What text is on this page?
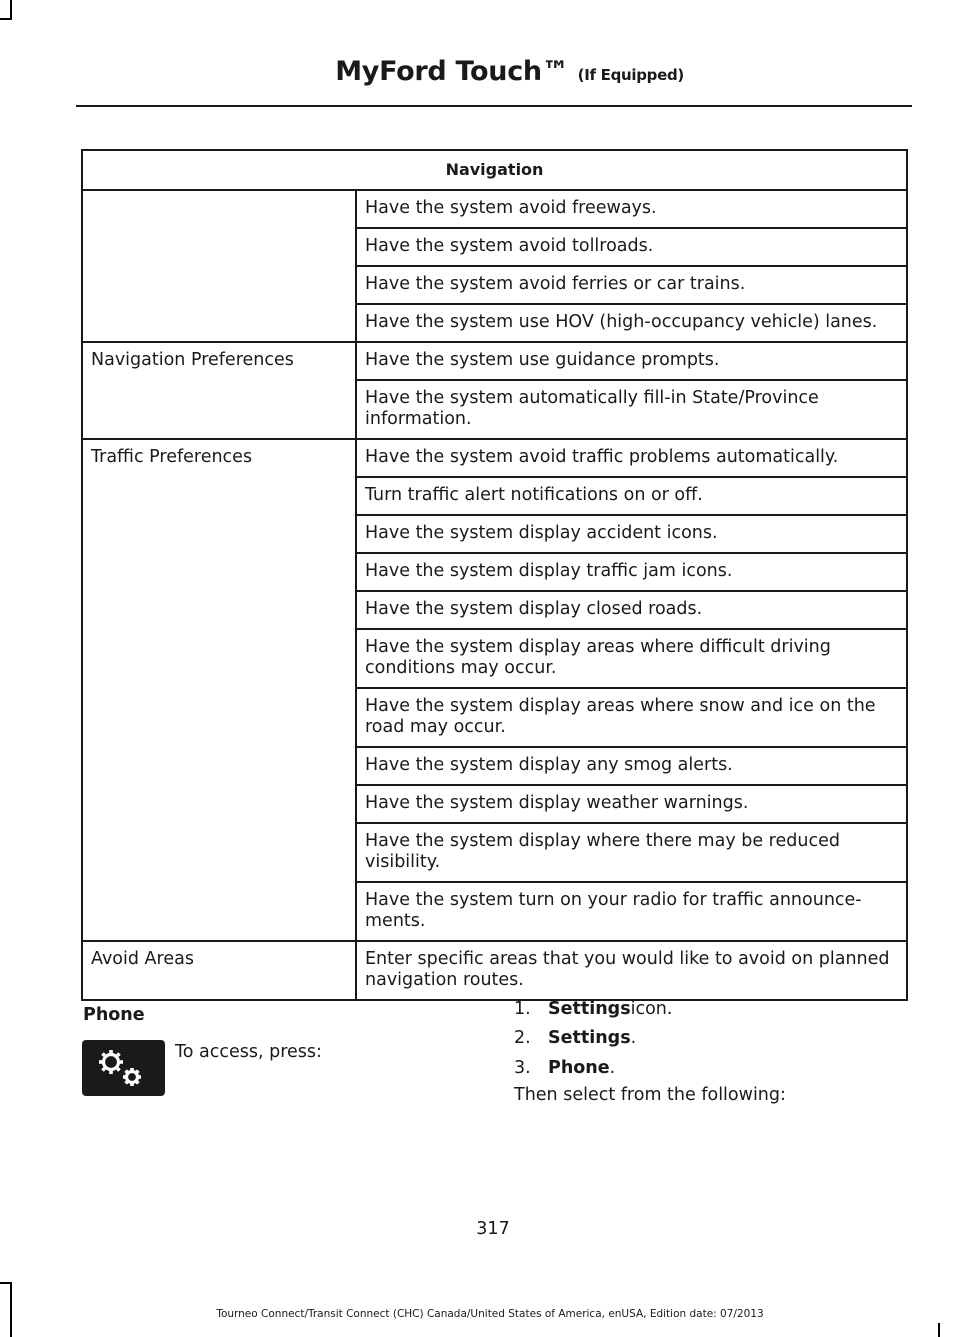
MyFord Touch™ (If Equipped)
Navigation	
	Have the system avoid freeways.
	Have the system avoid tollroads.
	Have the system avoid ferries or car trains.
	Have the system use HOV (high-occupancy vehicle) lanes.
Navigation Preferences	Have the system use guidance prompts.
	Have the system automatically fill-in State/Province information.
Traffic Preferences	Have the system avoid traffic problems automatically.
	Turn traffic alert notifications on or off.
	Have the system display accident icons.
	Have the system display traffic jam icons.
	Have the system display closed roads.
	Have the system display areas where difficult driving conditions may occur.
	Have the system display areas where snow and ice on the road may occur.
	Have the system display any smog alerts.
	Have the system display weather warnings.
	Have the system display where there may be reduced visibility.
	Have the system turn on your radio for traffic announce-ments.
Avoid Areas	Enter specific areas that you would like to avoid on planned navigation routes.
Phone
To access, press:
1. Settings icon.
2. Settings .
3. Phone .
Then select from the following:
317
Tourneo Connect/Transit Connect (CHC) Canada/United States of America, enUSA, Edition date: 07/2013
